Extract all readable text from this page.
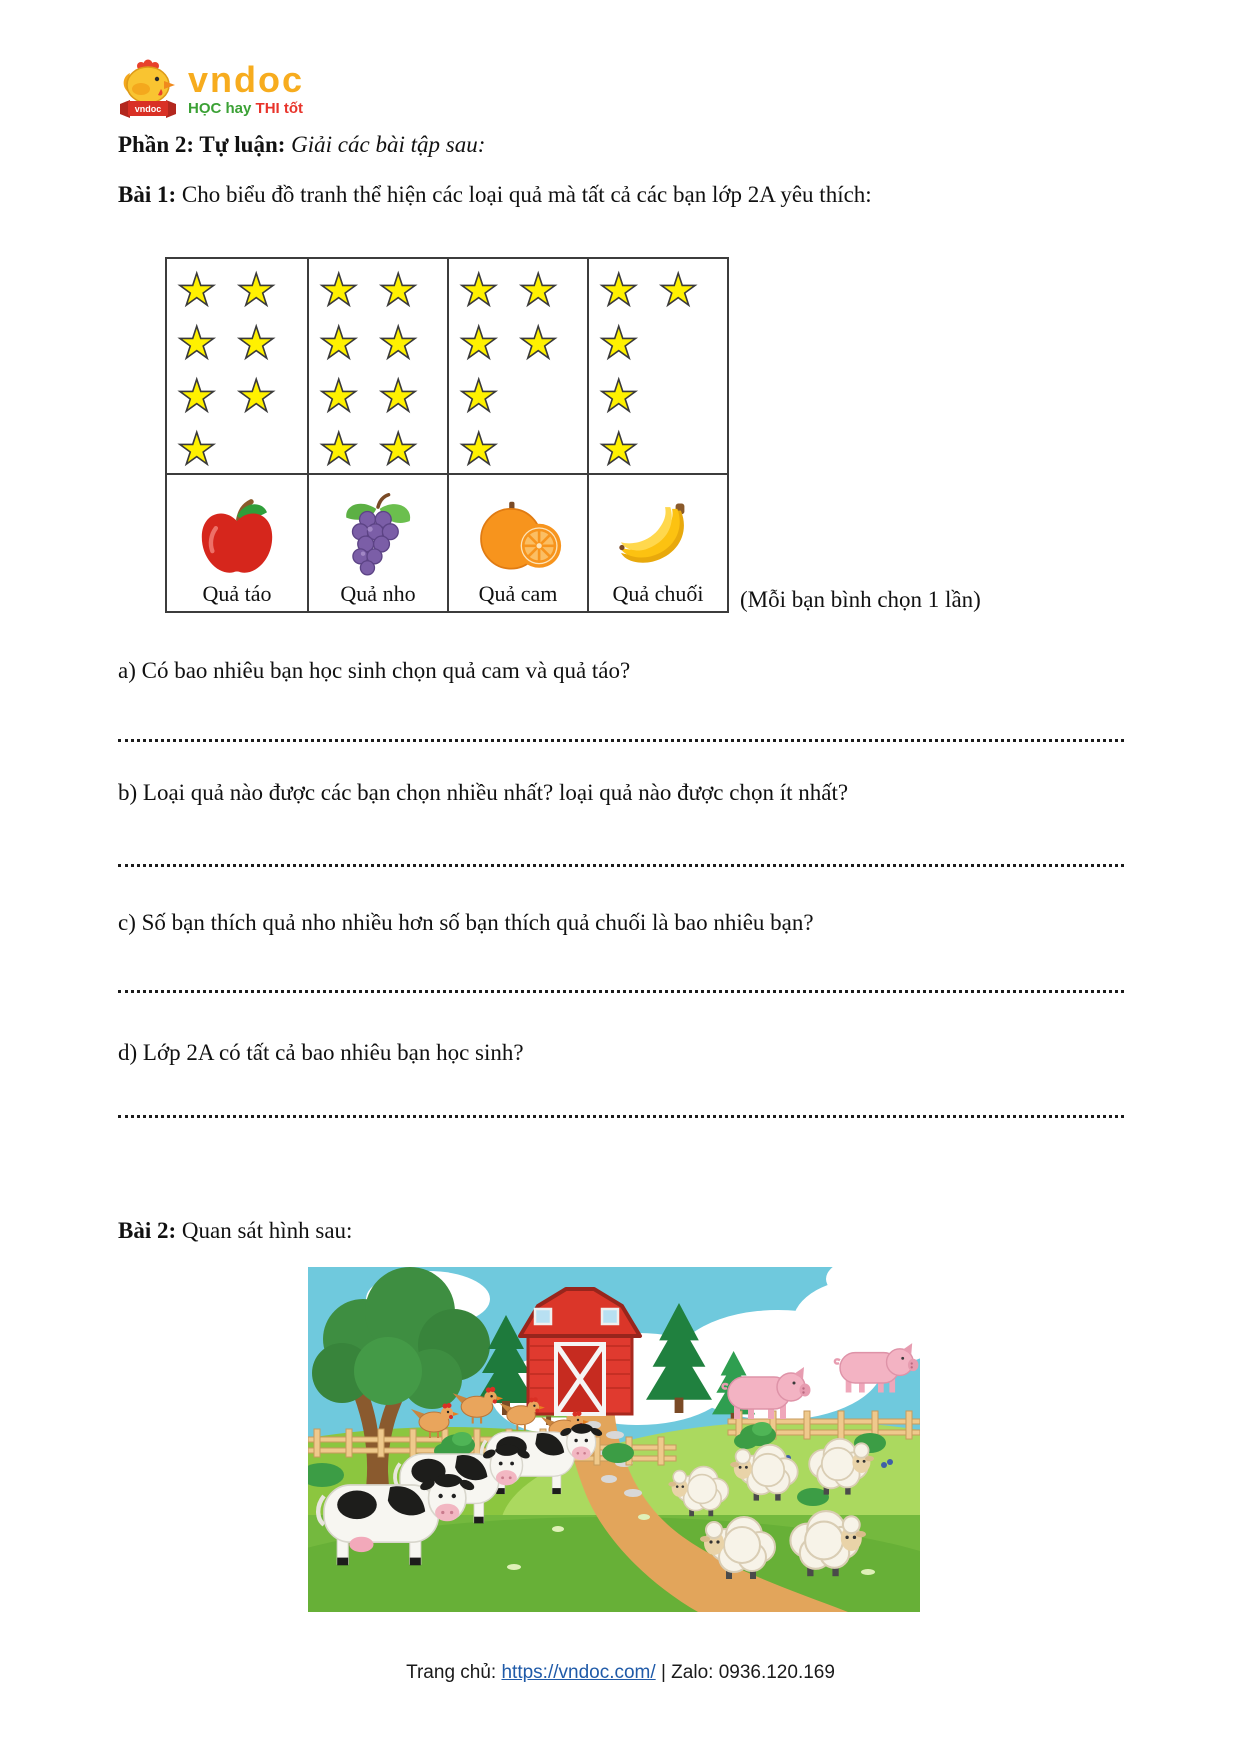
vndoc
vndoc
HỌC hay THI tốt

Phần 2: Tự luận: Giải các bài tập sau:

Bài 1: Cho biểu đồ tranh thể hiện các loại quả mà tất cả các bạn lớp 2A yêu thích:

★ ★
★ ★
★ ★
★
Quả táo
★ ★
★ ★
★ ★
★ ★
Quả nho
★ ★
★ ★
★
★
Quả cam
★ ★
★
★
★
Quả chuối (Mỗi bạn bình chọn 1 lần)

a) Có bao nhiêu bạn học sinh chọn quả cam và quả táo?

b) Loại quả nào được các bạn chọn nhiều nhất? loại quả nào được chọn ít nhất?

c) Số bạn thích quả nho nhiều hơn số bạn thích quả chuối là bao nhiêu bạn?

d) Lớp 2A có tất cả bao nhiêu bạn học sinh?

Bài 2: Quan sát hình sau:

Trang chủ: https://vndoc.com/ | Zalo: 0936.120.169
